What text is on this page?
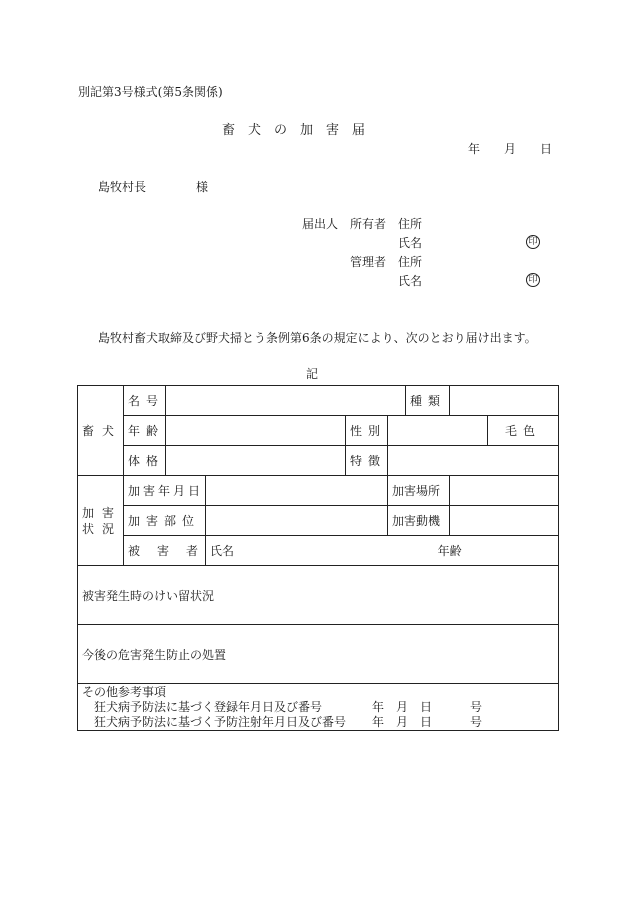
別記第3号様式(第5条関係)
畜　犬　の　加　害　届
年　　月　　日
島牧村長	様
届出人 所有者 住所
氏名	印
管理者 住所
氏名	印
島牧村畜犬取締及び野犬掃とう条例第6条の規定により、次のとおり届け出ます。
記
畜犬	名号					種類			
	年齢			性別				毛色	
	体格			特徴					

加害
状況	加害年月日				加害場所				
	加害部位				加害動機				
	被害者		氏名 年齢						
被害発生時のけい留状況									
今後の危害発生防止の処置									

その他参考事項
狂犬病予防法に基づく登録年月日及び番号 年　月　日 号
狂犬病予防法に基づく予防注射年月日及び番号 年　月　日 号									
